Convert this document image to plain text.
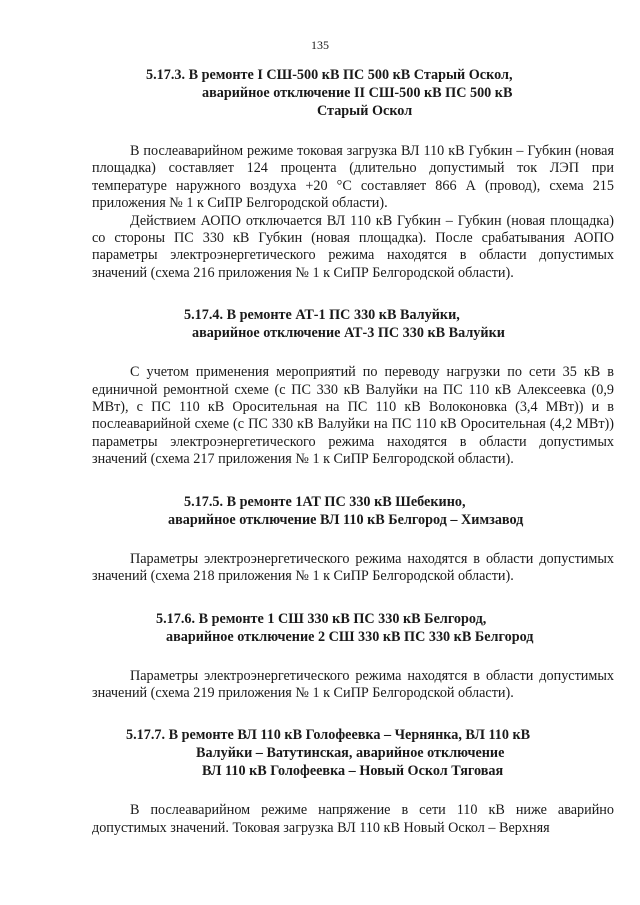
135
5.17.3. В ремонте I СШ-500 кВ ПС 500 кВ Старый Оскол,
аварийное отключение II СШ-500 кВ ПС 500 кВ
Старый Оскол

В послеаварийном режиме токовая загрузка ВЛ 110 кВ Губкин – Губкин (новая площадка) составляет 124 процента (длительно допустимый ток ЛЭП при температуре наружного воздуха +20 °С составляет 866 А (провод), схема 215 приложения № 1 к СиПР Белгородской области).

Действием АОПО отключается ВЛ 110 кВ Губкин – Губкин (новая площадка) со стороны ПС 330 кВ Губкин (новая площадка). После срабатывания АОПО параметры электроэнергетического режима находятся в области допустимых значений (схема 216 приложения № 1 к СиПР Белгородской области).

5.17.4. В ремонте АТ-1 ПС 330 кВ Валуйки,
аварийное отключение АТ-3 ПС 330 кВ Валуйки

С учетом применения мероприятий по переводу нагрузки по сети 35 кВ в единичной ремонтной схеме (с ПС 330 кВ Валуйки на ПС 110 кВ Алексеевка (0,9 МВт), с ПС 110 кВ Оросительная на ПС 110 кВ Волоконовка (3,4 МВт)) и в послеаварийной схеме (с ПС 330 кВ Валуйки на ПС 110 кВ Оросительная (4,2 МВт)) параметры электроэнергетического режима находятся в области допустимых значений (схема 217 приложения № 1 к СиПР Белгородской области).

5.17.5. В ремонте 1АТ ПС 330 кВ Шебекино,
аварийное отключение ВЛ 110 кВ Белгород – Химзавод

Параметры электроэнергетического режима находятся в области допустимых значений (схема 218 приложения № 1 к СиПР Белгородской области).

5.17.6. В ремонте 1 СШ 330 кВ ПС 330 кВ Белгород,
аварийное отключение 2 СШ 330 кВ ПС 330 кВ Белгород

Параметры электроэнергетического режима находятся в области допустимых значений (схема 219 приложения № 1 к СиПР Белгородской области).

5.17.7. В ремонте ВЛ 110 кВ Голофеевка – Чернянка, ВЛ 110 кВ
Валуйки – Ватутинская, аварийное отключение
ВЛ 110 кВ Голофеевка – Новый Оскол Тяговая

В послеаварийном режиме напряжение в сети 110 кВ ниже аварийно допустимых значений. Токовая загрузка ВЛ 110 кВ Новый Оскол – Верхняя
